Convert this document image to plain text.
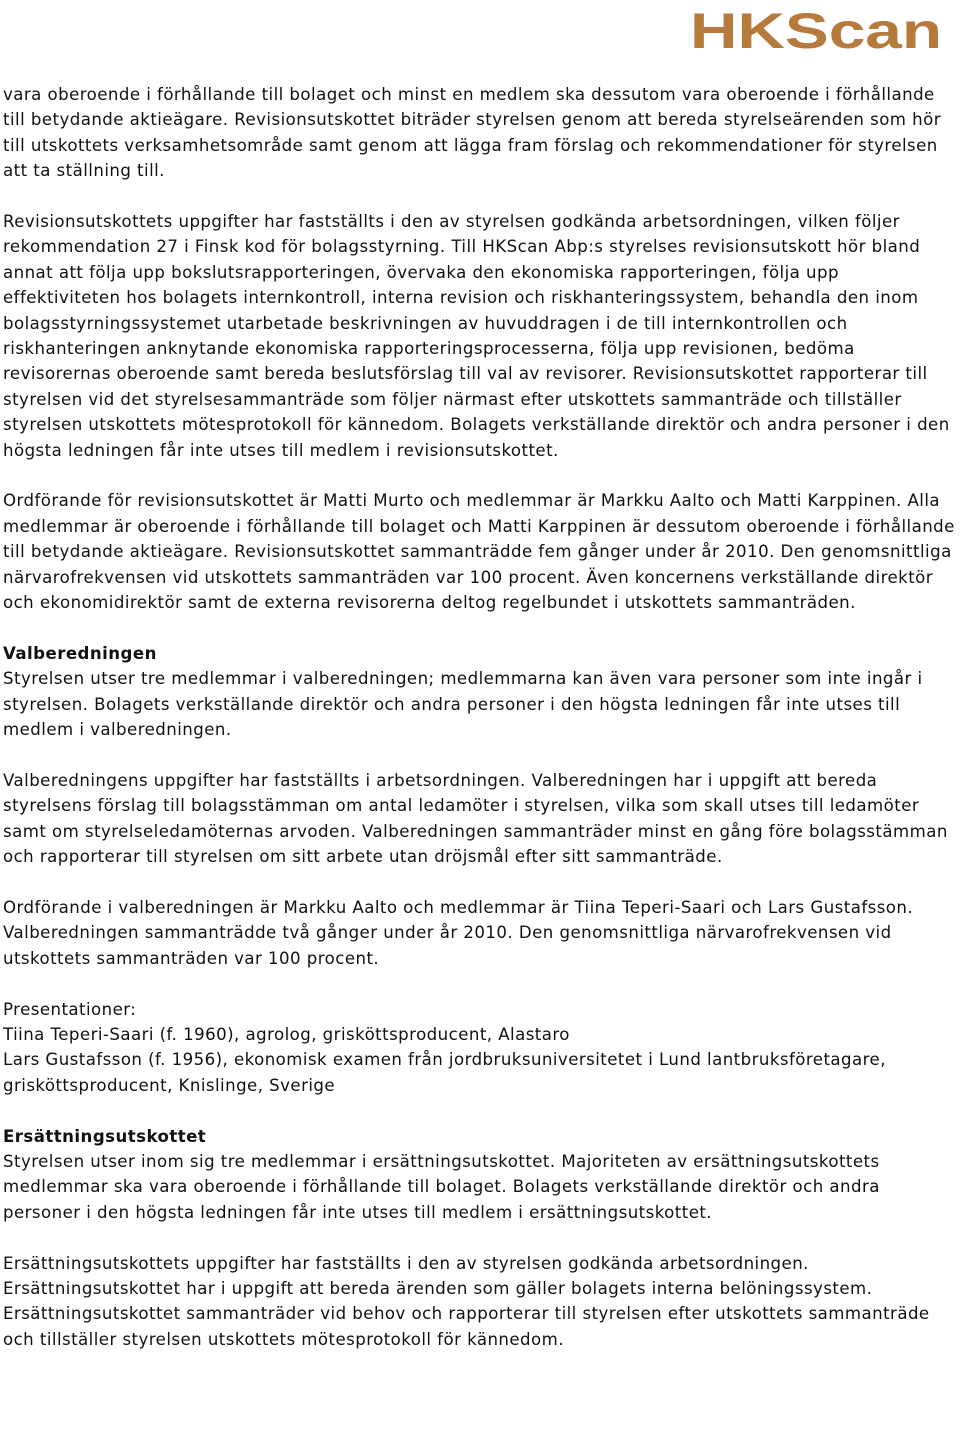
HKScan

vara oberoende i förhållande till bolaget och minst en medlem ska dessutom vara oberoende i förhållande till betydande aktieägare. Revisionsutskottet biträder styrelsen genom att bereda styrelseärenden som hör till utskottets verksamhetsområde samt genom att lägga fram förslag och rekommendationer för styrelsen att ta ställning till.

Revisionsutskottets uppgifter har fastställts i den av styrelsen godkända arbetsordningen, vilken följer rekommendation 27 i Finsk kod för bolagsstyrning. Till HKScan Abp:s styrelses revisionsutskott hör bland annat att följa upp bokslutsrapporteringen, övervaka den ekonomiska rapporteringen, följa upp effektiviteten hos bolagets internkontroll, interna revision och riskhanteringssystem, behandla den inom bolagsstyrningssystemet utarbetade beskrivningen av huvuddragen i de till internkontrollen och riskhanteringen anknytande ekonomiska rapporteringsprocesserna, följa upp revisionen, bedöma revisorernas oberoende samt bereda beslutsförslag till val av revisorer. Revisionsutskottet rapporterar till styrelsen vid det styrelsesammanträde som följer närmast efter utskottets sammanträde och tillställer styrelsen utskottets mötesprotokoll för kännedom. Bolagets verkställande direktör och andra personer i den högsta ledningen får inte utses till medlem i revisionsutskottet.

Ordförande för revisionsutskottet är Matti Murto och medlemmar är Markku Aalto och Matti Karppinen. Alla medlemmar är oberoende i förhållande till bolaget och Matti Karppinen är dessutom oberoende i förhållande till betydande aktieägare. Revisionsutskottet sammanträdde fem gånger under år 2010. Den genomsnittliga närvarofrekvensen vid utskottets sammanträden var 100 procent. Även koncernens verkställande direktör och ekonomidirektör samt de externa revisorerna deltog regelbundet i utskottets sammanträden.

Valberedningen
Styrelsen utser tre medlemmar i valberedningen; medlemmarna kan även vara personer som inte ingår i styrelsen. Bolagets verkställande direktör och andra personer i den högsta ledningen får inte utses till medlem i valberedningen.

Valberedningens uppgifter har fastställts i arbetsordningen. Valberedningen har i uppgift att bereda styrelsens förslag till bolagsstämman om antal ledamöter i styrelsen, vilka som skall utses till ledamöter samt om styrelseledamöternas arvoden. Valberedningen sammanträder minst en gång före bolagsstämman och rapporterar till styrelsen om sitt arbete utan dröjsmål efter sitt sammanträde.

Ordförande i valberedningen är Markku Aalto och medlemmar är Tiina Teperi-Saari och Lars Gustafsson. Valberedningen sammanträdde två gånger under år 2010. Den genomsnittliga närvarofrekvensen vid utskottets sammanträden var 100 procent.

Presentationer:
Tiina Teperi-Saari (f. 1960), agrolog, grisköttsproducent, Alastaro
Lars Gustafsson (f. 1956), ekonomisk examen från jordbruksuniversitetet i Lund lantbruksföretagare, grisköttsproducent, Knislinge, Sverige

Ersättningsutskottet
Styrelsen utser inom sig tre medlemmar i ersättningsutskottet. Majoriteten av ersättningsutskottets medlemmar ska vara oberoende i förhållande till bolaget. Bolagets verkställande direktör och andra personer i den högsta ledningen får inte utses till medlem i ersättningsutskottet.

Ersättningsutskottets uppgifter har fastställts i den av styrelsen godkända arbetsordningen.
Ersättningsutskottet har i uppgift att bereda ärenden som gäller bolagets interna belöningssystem. Ersättningsutskottet sammanträder vid behov och rapporterar till styrelsen efter utskottets sammanträde och tillställer styrelsen utskottets mötesprotokoll för kännedom.
